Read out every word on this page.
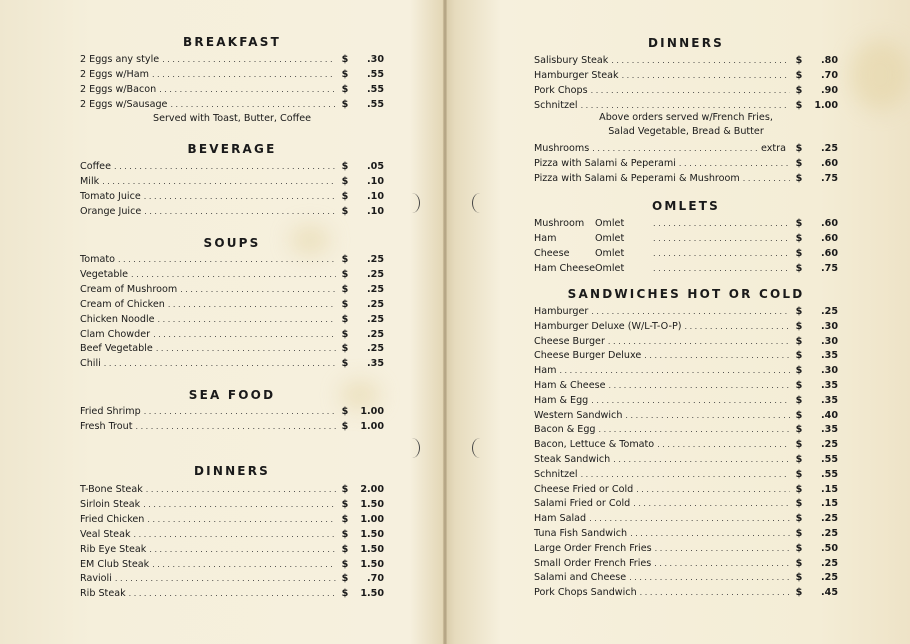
BREAKFAST
2 Eggs any style . . .	$	.30
2 Eggs w/Ham . . .	$	.55
2 Eggs w/Bacon . . .	$	.55
2 Eggs w/Sausage . . .	$	.55
Served with Toast, Butter, Coffee
BEVERAGE
Coffee . . .	$	.05
Milk . . .	$	.10
Tomato Juice . . .	$	.10
Orange Juice . . .	$	.10
SOUPS
Tomato . . .	$	.25
Vegetable . . .	$	.25
Cream of Mushroom . . .	$	.25
Cream of Chicken . . .	$	.25
Chicken Noodle . . .	$	.25
Clam Chowder . . .	$	.25
Beef Vegetable . . .	$	.25
Chili . . .	$	.35
SEA FOOD
Fried Shrimp . . .	$	1.00
Fresh Trout . . .	$	1.00
DINNERS
T-Bone Steak . . .	$	2.00
Sirloin Steak . . .	$	1.50
Fried Chicken . . .	$	1.00
Veal Steak . . .	$	1.50
Rib Eye Steak . . .	$	1.50
EM Club Steak . . .	$	1.50
Ravioli . . .	$	.70
Rib Steak . . .	$	1.50
DINNERS
Salisbury Steak . . .	$	.80
Hamburger Steak . . .	$	.70
Pork Chops . . .	$	.90
Schnitzel . . .	$	1.00
Above orders served w/French Fries,
Salad Vegetable, Bread & Butter
Mushrooms . . .	extra	$	.25
Pizza with Salami & Peperami . . .	$	.60
Pizza with Salami & Peperami & Mushroom . . .	$	.75
OMLETS
Mushroom	Omlet . . .	$	.60
Ham	Omlet . . .	$	.60
Cheese	Omlet . . .	$	.60
Ham Cheese Omlet . . .	$	.75
SANDWICHES HOT OR COLD
Hamburger . . .	$	.25
Hamburger Deluxe (W/L-T-O-P) . . .	$	.30
Cheese Burger . . .	$	.30
Cheese Burger Deluxe . . .	$	.35
Ham . . .	$	.30
Ham & Cheese . . .	$	.35
Ham & Egg . . .	$	.35
Western Sandwich . . .	$	.40
Bacon & Egg . . .	$	.35
Bacon, Lettuce & Tomato . . .	$	.25
Steak Sandwich . . .	$	.55
Schnitzel . . .	$	.55
Cheese Fried or Cold . . .	$	.15
Salami Fried or Cold . . .	$	.15
Ham Salad . . .	$	.25
Tuna Fish Sandwich . . .	$	.25
Large Order French Fries . . .	$	.50
Small Order French Fries . . .	$	.25
Salami and Cheese . . .	$	.25
Pork Chops Sandwich . . .	$	.45
